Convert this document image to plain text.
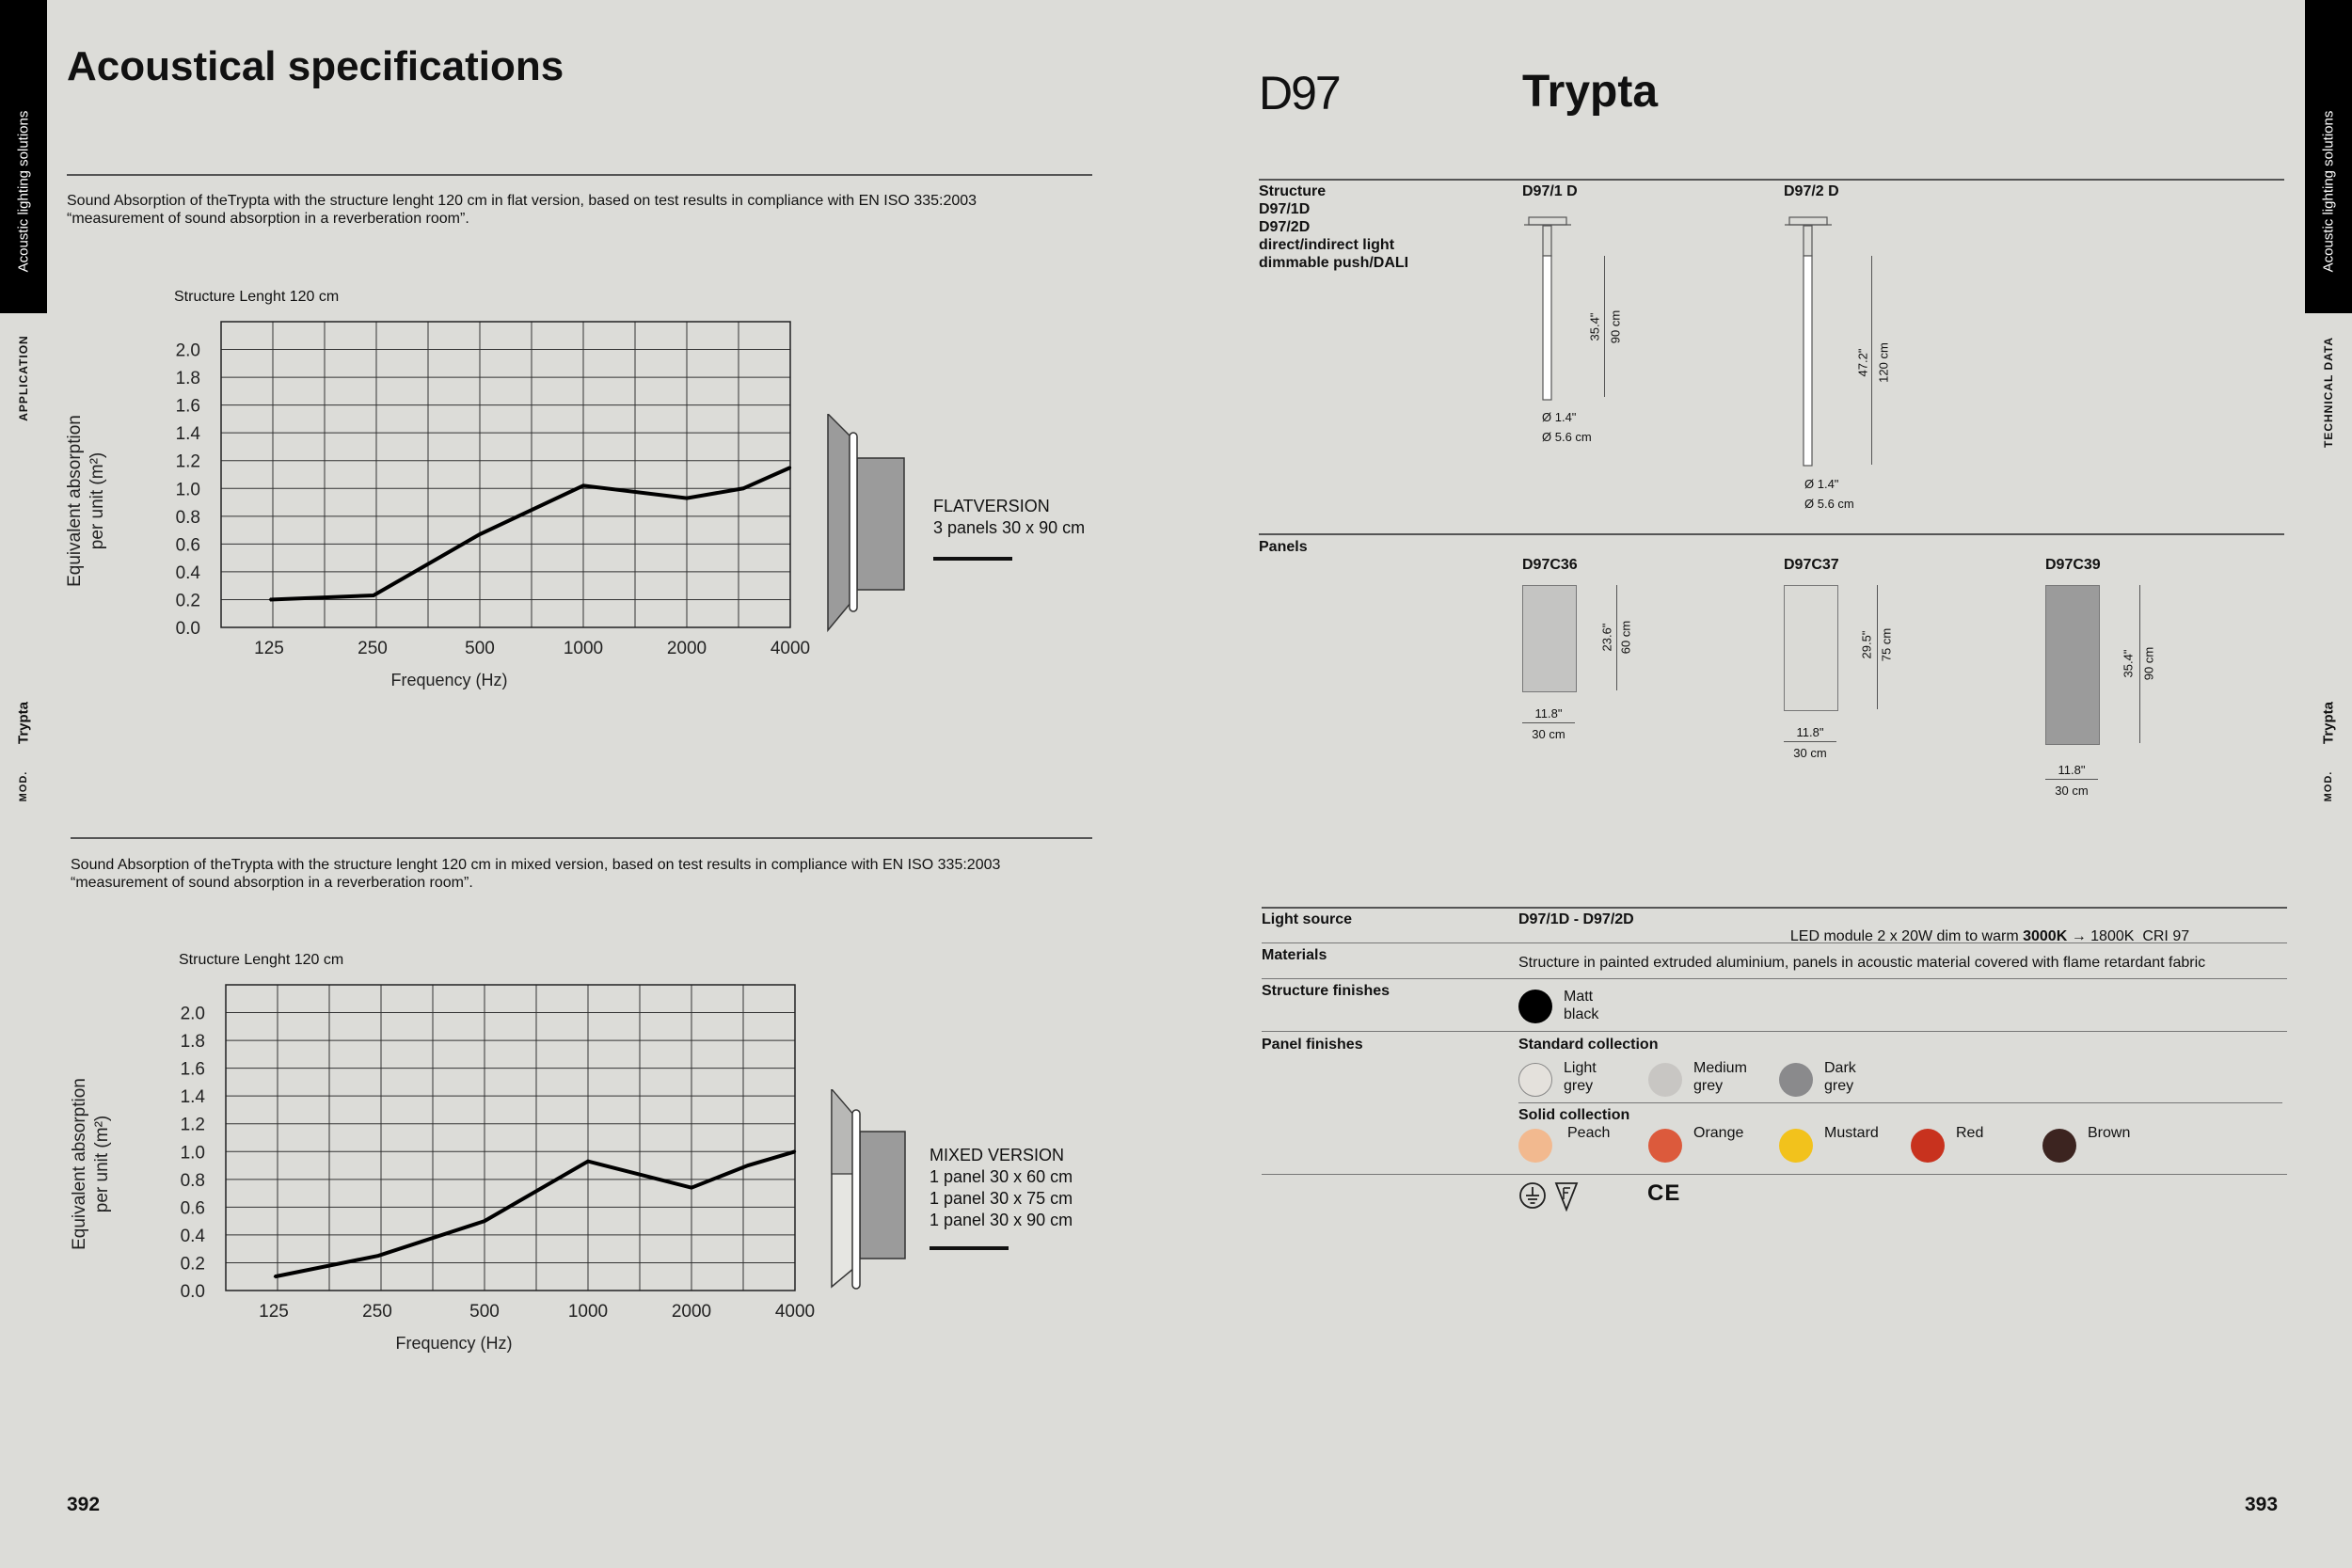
Acoustic lighting solutions
APPLICATION
Trypta
MOD.
Acoustic lighting solutions
TECHNICAL DATA
Trypta
MOD.
Acoustical specifications
Sound Absorption of theTrypta with the structure lenght 120 cm in flat version, based on test results in compliance with EN ISO 335:2003
“measurement of sound absorption in a reverberation room”.
0.0
0.2
0.4
0.6
0.8
1.0
1.2
1.4
1.6
1.8
2.0
125	250	500	1000	2000	4000
Frequency (Hz)
Equivalent absorption per unit (m²)
Structure Lenght 120 cm
FLATVERSION
3 panels 30 x 90 cm
Sound Absorption of theTrypta with the structure lenght 120 cm in mixed version, based on test results in compliance with EN ISO 335:2003
“measurement of sound absorption in a reverberation room”.
0.0
0.2
0.4
0.6
0.8
1.0
1.2
1.4
1.6
1.8
2.0
125	250	500	1000	2000	4000
Frequency (Hz)
Equivalent absorption per unit (m²)
Structure Lenght 120 cm
MIXED VERSION
1 panel 30 x 60 cm
1 panel 30 x 75 cm
1 panel 30 x 90 cm
392
D97	Trypta
Structure
D97/1D
D97/2D
direct/indirect light
dimmable push/DALI
D97/1 D
35.4" 90 cm
Ø 1.4"
Ø 5.6 cm
D97/2 D
47.2" 120 cm
Ø 1.4"
Ø 5.6 cm
Panels
D97C36
23.6" 60 cm
11.8"
30 cm
D97C37
29.5" 75 cm
11.8"
30 cm
D97C39
35.4" 90 cm
11.8"
30 cm
Light source	D97/1D - D97/2D

LED module 2 x 20W dim to warm 3000K → 1800K  CRI 97

Materials	Structure in painted extruded aluminium, panels in acoustic material covered with flame retardant fabric
Structure finishes	Matt
black
Panel finishes	Standard collection
Light
grey
Medium
grey
Dark
grey
Solid collection
Peach	Orange	Mustard	Red	Brown
CE
393
